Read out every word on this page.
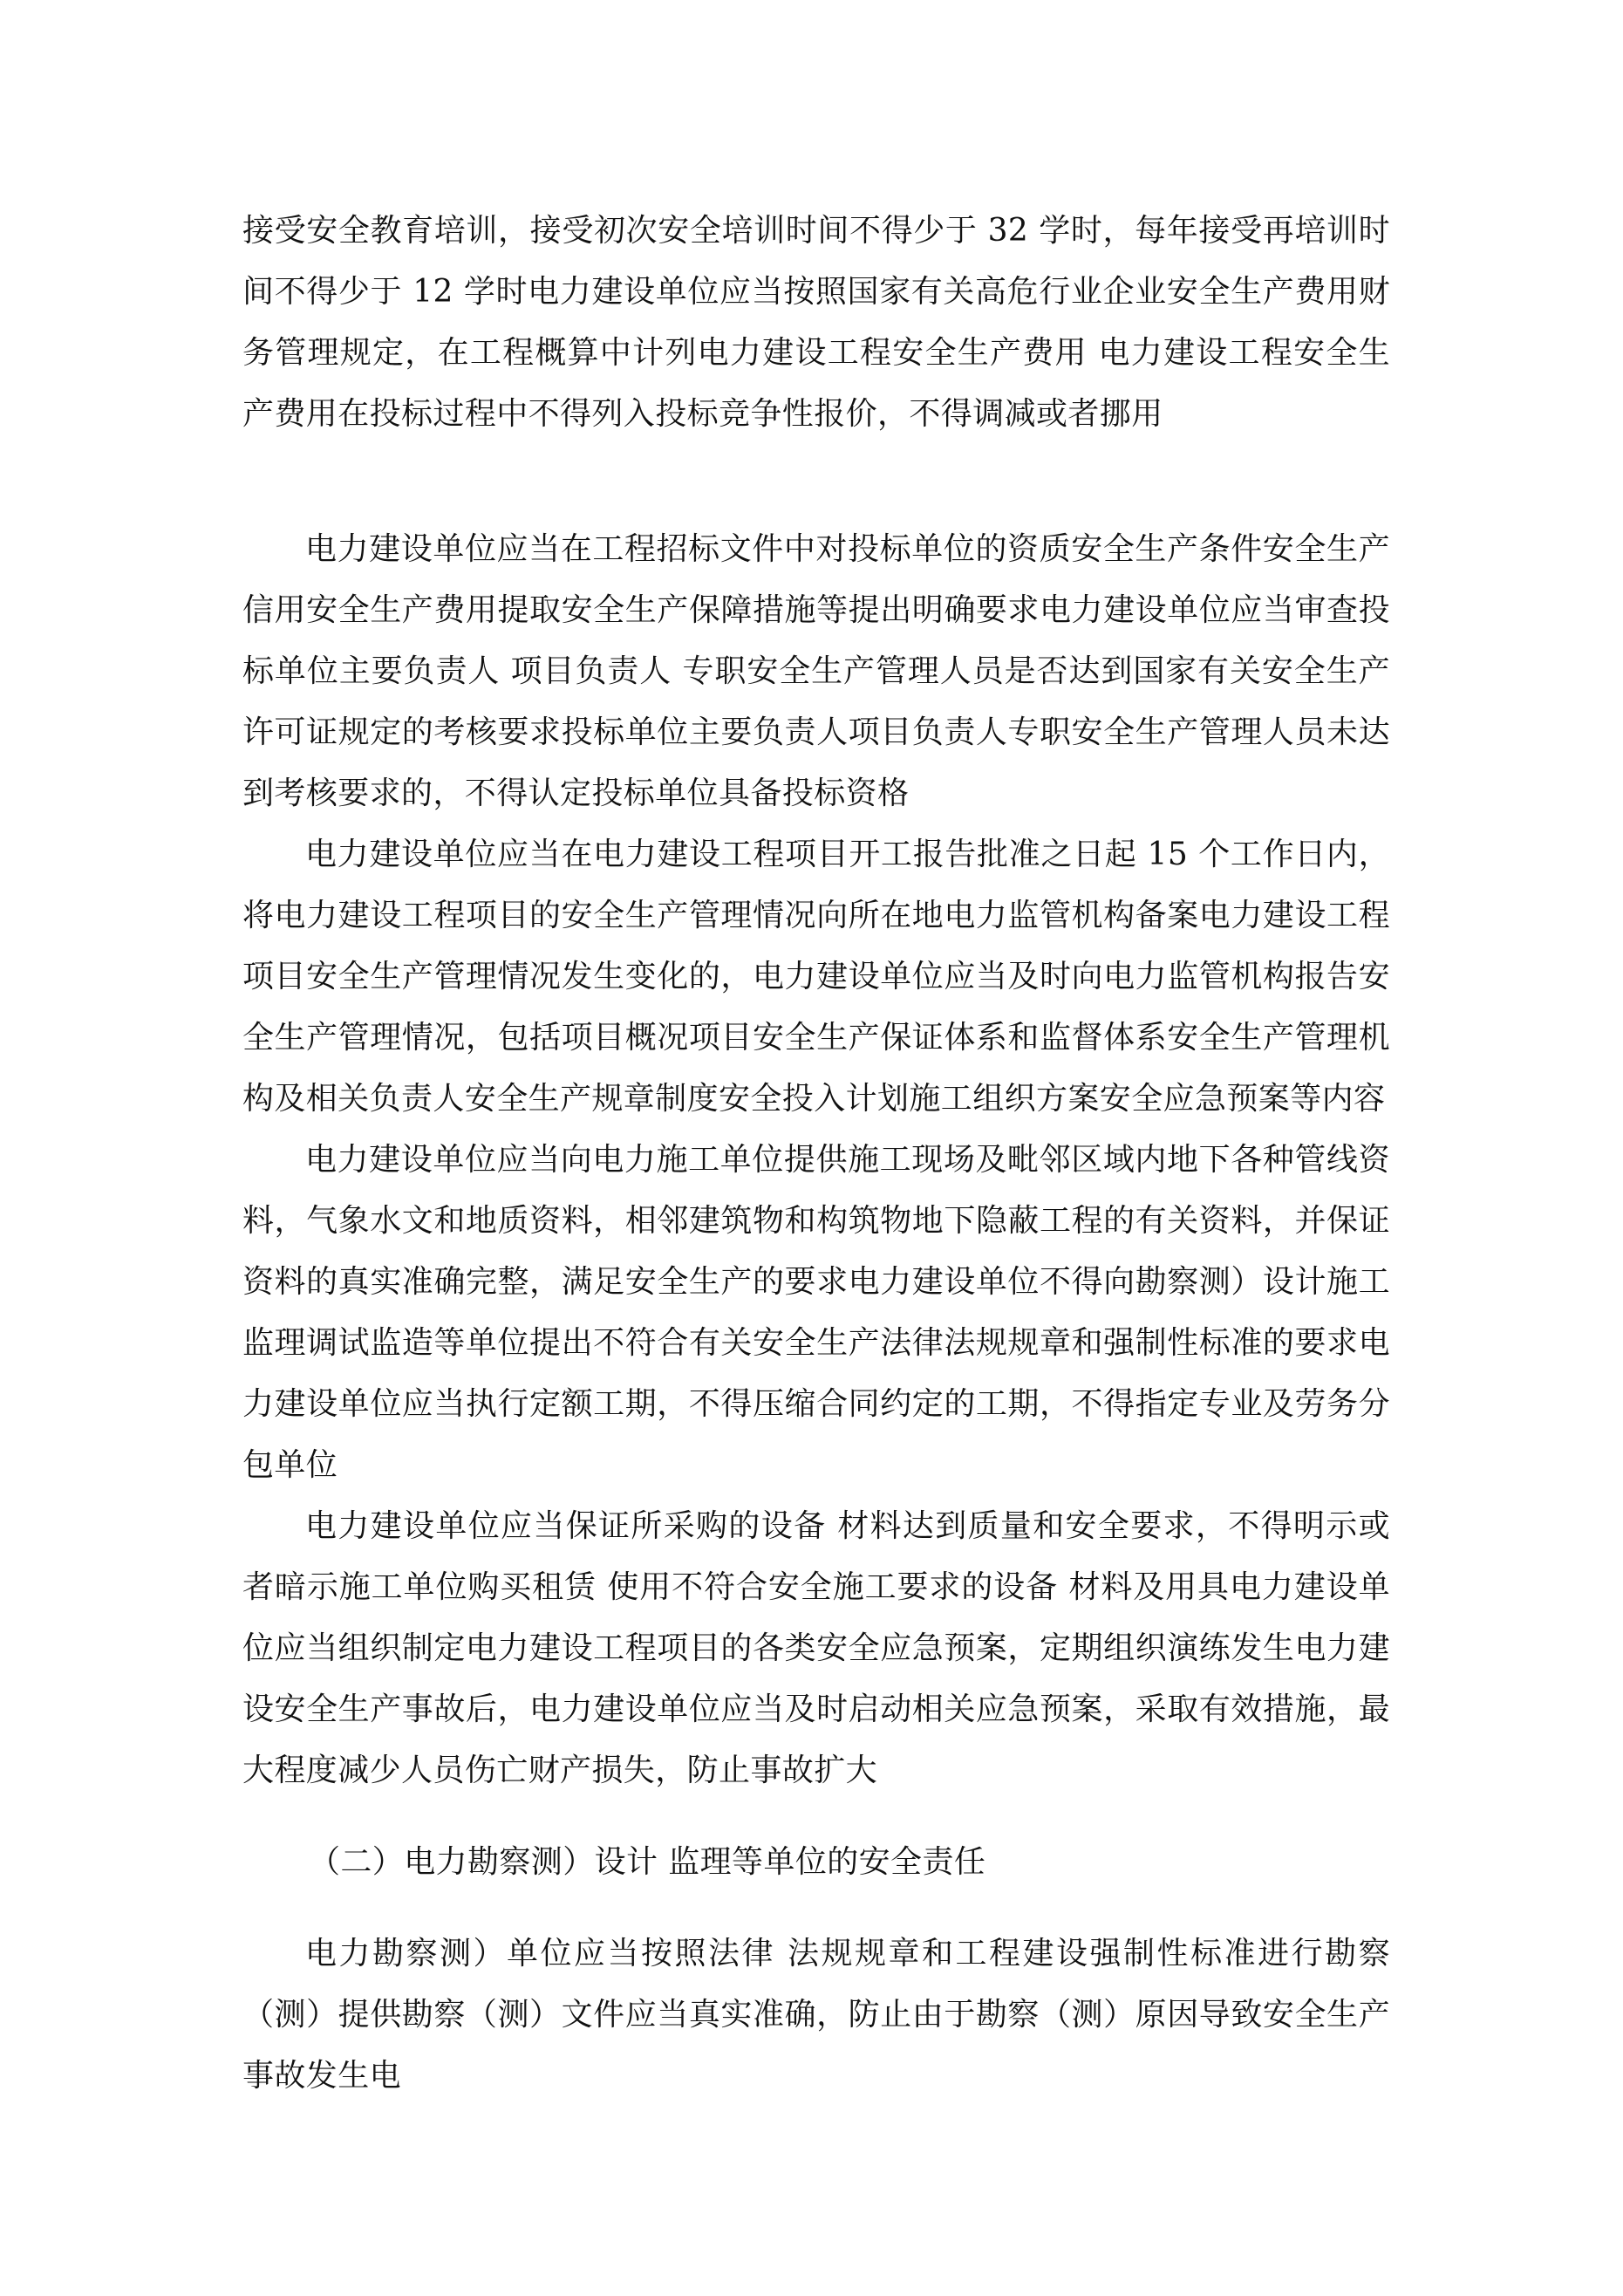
接受安全教育培训，接受初次安全培训时间不得少于 32 学时，每年接受再培训时间不得少于 12 学时电力建设单位应当按照国家有关高危行业企业安全生产费用财务管理规定，在工程概算中计列电力建设工程安全生产费用 电力建设工程安全生产费用在投标过程中不得列入投标竞争性报价，不得调减或者挪用

电力建设单位应当在工程招标文件中对投标单位的资质安全生产条件安全生产信用安全生产费用提取安全生产保障措施等提出明确要求电力建设单位应当审查投标单位主要负责人 项目负责人 专职安全生产管理人员是否达到国家有关安全生产许可证规定的考核要求投标单位主要负责人项目负责人专职安全生产管理人员未达到考核要求的，不得认定投标单位具备投标资格

电力建设单位应当在电力建设工程项目开工报告批准之日起 15 个工作日内，将电力建设工程项目的安全生产管理情况向所在地电力监管机构备案电力建设工程项目安全生产管理情况发生变化的，电力建设单位应当及时向电力监管机构报告安全生产管理情况，包括项目概况项目安全生产保证体系和监督体系安全生产管理机构及相关负责人安全生产规章制度安全投入计划施工组织方案安全应急预案等内容

电力建设单位应当向电力施工单位提供施工现场及毗邻区域内地下各种管线资料，气象水文和地质资料，相邻建筑物和构筑物地下隐蔽工程的有关资料，并保证资料的真实准确完整，满足安全生产的要求电力建设单位不得向勘察测）设计施工监理调试监造等单位提出不符合有关安全生产法律法规规章和强制性标准的要求电力建设单位应当执行定额工期，不得压缩合同约定的工期，不得指定专业及劳务分包单位

电力建设单位应当保证所采购的设备 材料达到质量和安全要求，不得明示或者暗示施工单位购买租赁 使用不符合安全施工要求的设备 材料及用具电力建设单位应当组织制定电力建设工程项目的各类安全应急预案，定期组织演练发生电力建设安全生产事故后，电力建设单位应当及时启动相关应急预案，采取有效措施，最大程度减少人员伤亡财产损失，防止事故扩大

（二）电力勘察测）设计 监理等单位的安全责任

电力勘察测）单位应当按照法律 法规规章和工程建设强制性标准进行勘察（测）提供勘察（测）文件应当真实准确，防止由于勘察（测）原因导致安全生产事故发生电
